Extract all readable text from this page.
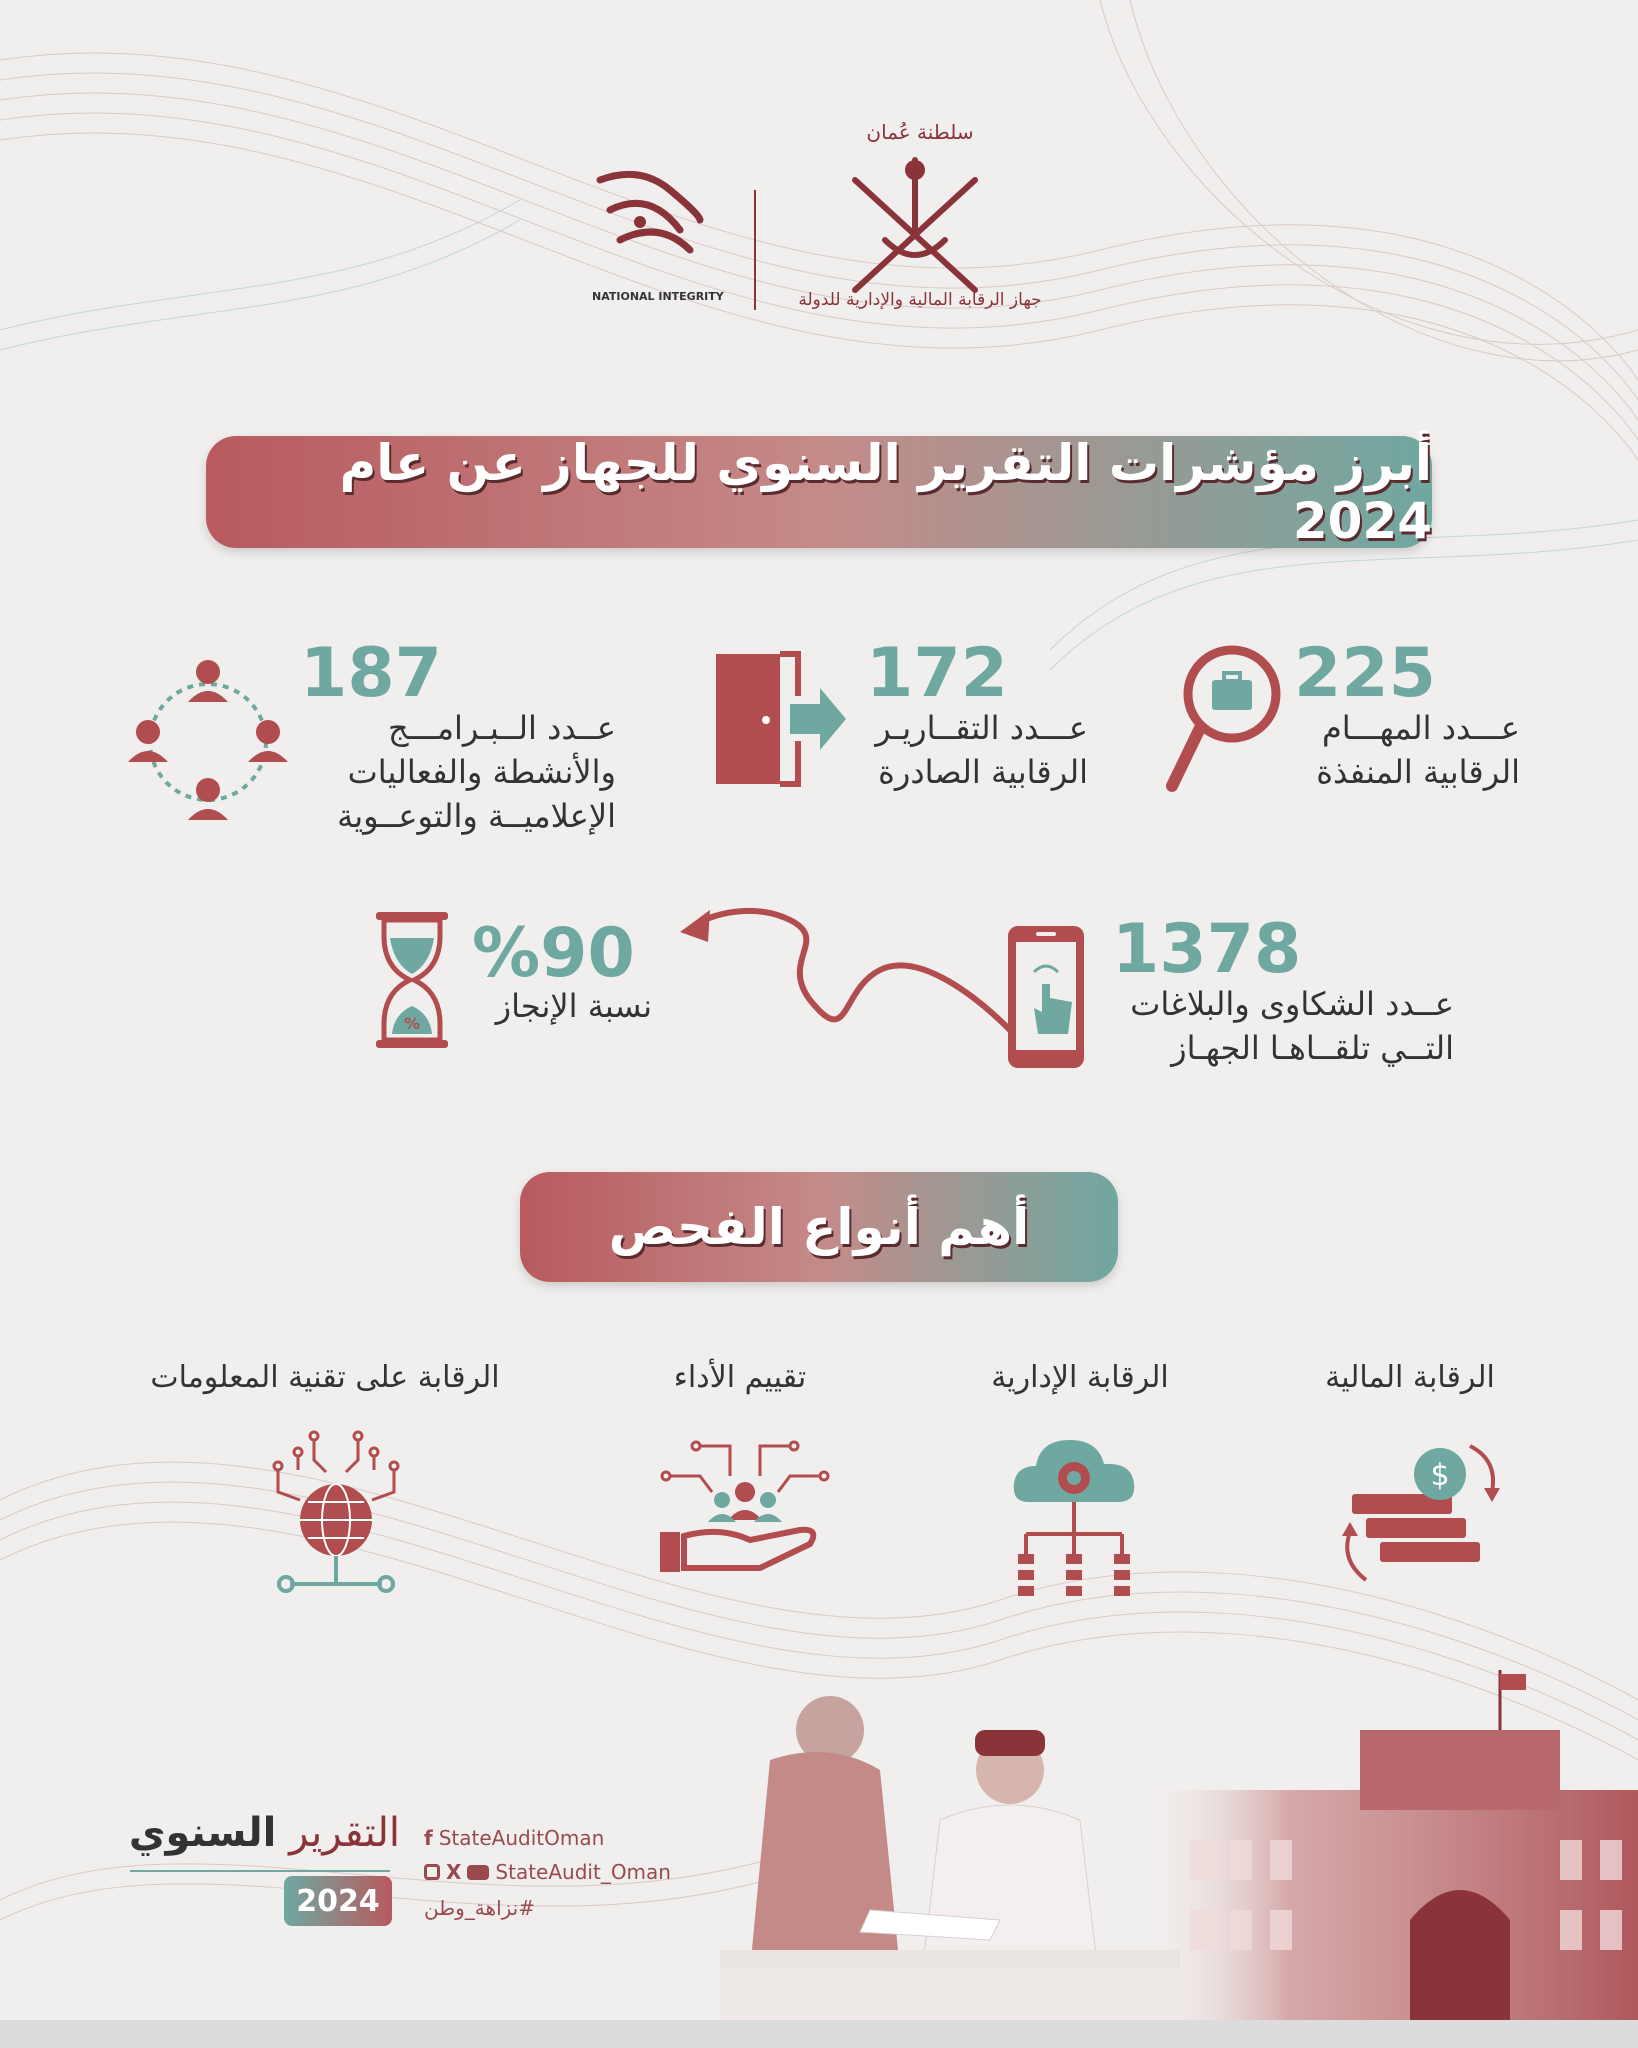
NATIONAL INTEGRITY
سلطنة عُمان
جهاز الرقابة المالية والإدارية للدولة
أبرز مؤشرات التقرير السنوي للجهاز عن عام 2024
225
عـــدد المهـــام
الرقابية المنفذة
172
عـــدد التقــاريـر
الرقابية الصادرة
187
عــدد الــبـرامـــج
والأنشطة والفعاليات
الإعلاميــة والتوعــوية
1378
عــدد الشكاوى والبلاغات
التــي تلقــاهـا الجهـاز
%
%90
نسبة الإنجاز
أهم أنواع الفحص
الرقابة المالية
$
الرقابة الإدارية
تقييم الأداء
الرقابة على تقنية المعلومات
التقرير السنوي
2024
f StateAuditOman
X StateAudit_Oman
#نزاهة_وطن
